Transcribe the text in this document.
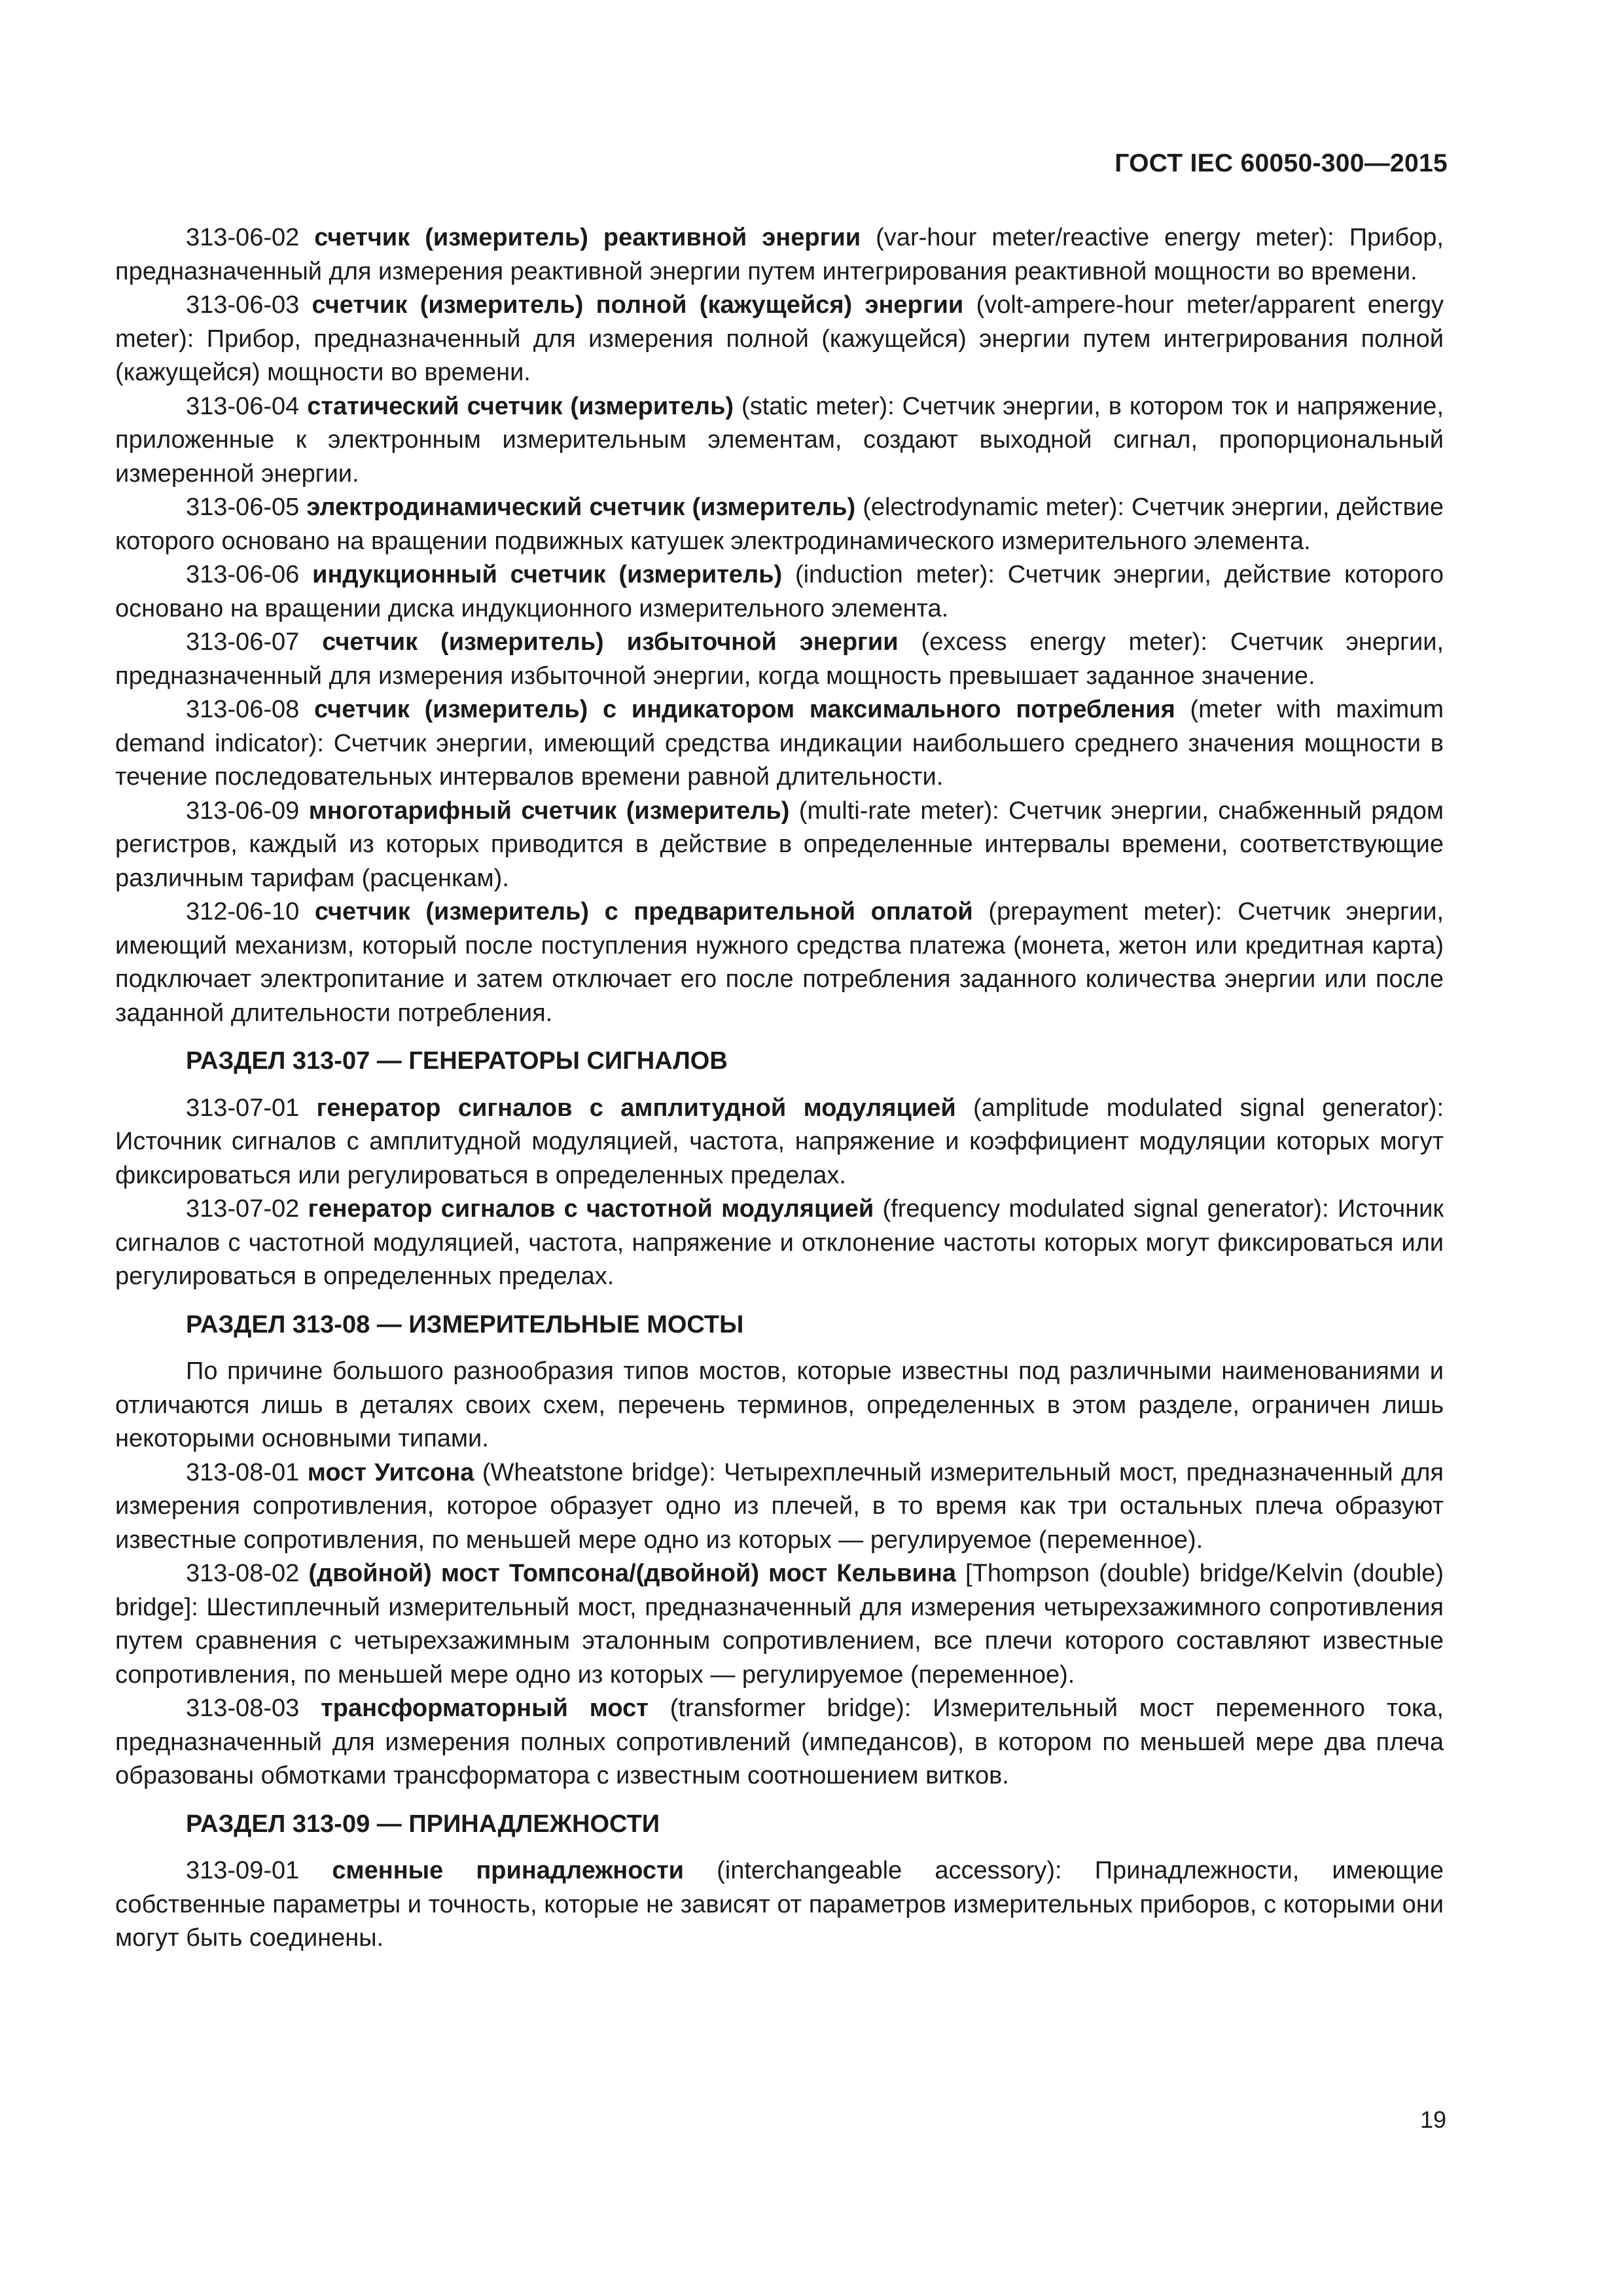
ГОСТ IEC 60050-300—2015

313-06-02 счетчик (измеритель) реактивной энергии (var-hour meter/reactive energy meter): Прибор, предназначенный для измерения реактивной энергии путем интегрирования реактивной мощности во времени.

313-06-03 счетчик (измеритель) полной (кажущейся) энергии (volt-ampere-hour meter/apparent energy meter): Прибор, предназначенный для измерения полной (кажущейся) энергии путем интегрирования полной (кажущейся) мощности во времени.

313-06-04 статический счетчик (измеритель) (static meter): Счетчик энергии, в котором ток и напряжение, приложенные к электронным измерительным элементам, создают выходной сигнал, пропорциональный измеренной энергии.

313-06-05 электродинамический счетчик (измеритель) (electrodynamic meter): Счетчик энергии, действие которого основано на вращении подвижных катушек электродинамического измерительного элемента.

313-06-06 индукционный счетчик (измеритель) (induction meter): Счетчик энергии, действие которого основано на вращении диска индукционного измерительного элемента.

313-06-07 счетчик (измеритель) избыточной энергии (excess energy meter): Счетчик энергии, предназначенный для измерения избыточной энергии, когда мощность превышает заданное значение.

313-06-08 счетчик (измеритель) с индикатором максимального потребления (meter with maximum demand indicator): Счетчик энергии, имеющий средства индикации наибольшего среднего значения мощности в течение последовательных интервалов времени равной длительности.

313-06-09 многотарифный счетчик (измеритель) (multi-rate meter): Счетчик энергии, снабженный рядом регистров, каждый из которых приводится в действие в определенные интервалы времени, соответствующие различным тарифам (расценкам).

312-06-10 счетчик (измеритель) с предварительной оплатой (prepayment meter): Счетчик энергии, имеющий механизм, который после поступления нужного средства платежа (монета, жетон или кредитная карта) подключает электропитание и затем отключает его после потребления заданного количества энергии или после заданной длительности потребления.

РАЗДЕЛ 313-07 — ГЕНЕРАТОРЫ СИГНАЛОВ

313-07-01 генератор сигналов с амплитудной модуляцией (amplitude modulated signal generator): Источник сигналов с амплитудной модуляцией, частота, напряжение и коэффициент модуляции которых могут фиксироваться или регулироваться в определенных пределах.

313-07-02 генератор сигналов с частотной модуляцией (frequency modulated signal generator): Источник сигналов с частотной модуляцией, частота, напряжение и отклонение частоты которых могут фиксироваться или регулироваться в определенных пределах.

РАЗДЕЛ 313-08 — ИЗМЕРИТЕЛЬНЫЕ МОСТЫ

По причине большого разнообразия типов мостов, которые известны под различными наименованиями и отличаются лишь в деталях своих схем, перечень терминов, определенных в этом разделе, ограничен лишь некоторыми основными типами.

313-08-01 мост Уитсона (Wheatstone bridge): Четырехплечный измерительный мост, предназначенный для измерения сопротивления, которое образует одно из плечей, в то время как три остальных плеча образуют известные сопротивления, по меньшей мере одно из которых — регулируемое (переменное).

313-08-02 (двойной) мост Томпсона/(двойной) мост Кельвина [Thompson (double) bridge/Kelvin (double) bridge]: Шестиплечный измерительный мост, предназначенный для измерения четырехзажимного сопротивления путем сравнения с четырехзажимным эталонным сопротивлением, все плечи которого составляют известные сопротивления, по меньшей мере одно из которых — регулируемое (переменное).

313-08-03 трансформаторный мост (transformer bridge): Измерительный мост переменного тока, предназначенный для измерения полных сопротивлений (импедансов), в котором по меньшей мере два плеча образованы обмотками трансформатора с известным соотношением витков.

РАЗДЕЛ 313-09 — ПРИНАДЛЕЖНОСТИ

313-09-01 сменные принадлежности (interchangeable accessory): Принадлежности, имеющие собственные параметры и точность, которые не зависят от параметров измерительных приборов, с которыми они могут быть соединены.

19
